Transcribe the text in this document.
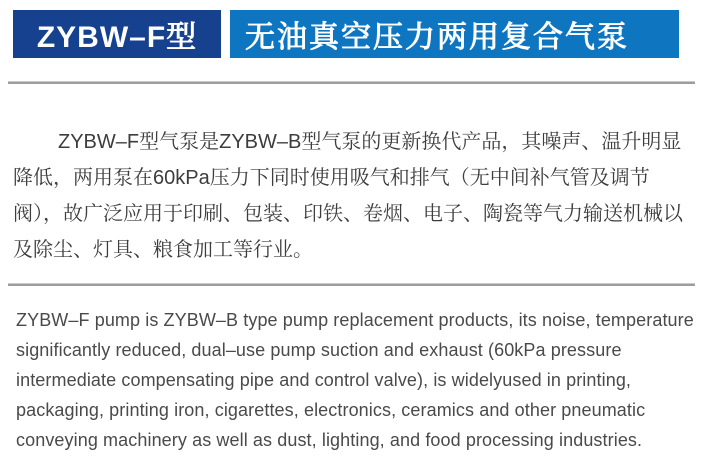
ZYBW–F型 无油真空压力两用复合气泵
ZYBW–F型气泵是ZYBW–B型气泵的更新换代产品，其噪声、温升明显
降低，两用泵在60kPa压力下同时使用吸气和排气（无中间补气管及调节
阀），故广泛应用于印刷、包装、印铁、卷烟、电子、陶瓷等气力输送机械以
及除尘、灯具、粮食加工等行业。
ZYBW–F pump is ZYBW–B type pump replacement products, its noise, temperature
significantly reduced, dual–use pump suction and exhaust (60kPa pressure
intermediate compensating pipe and control valve), is widelyused in printing,
packaging, printing iron, cigarettes, electronics, ceramics and other pneumatic
conveying machinery as well as dust, lighting, and food processing industries.
